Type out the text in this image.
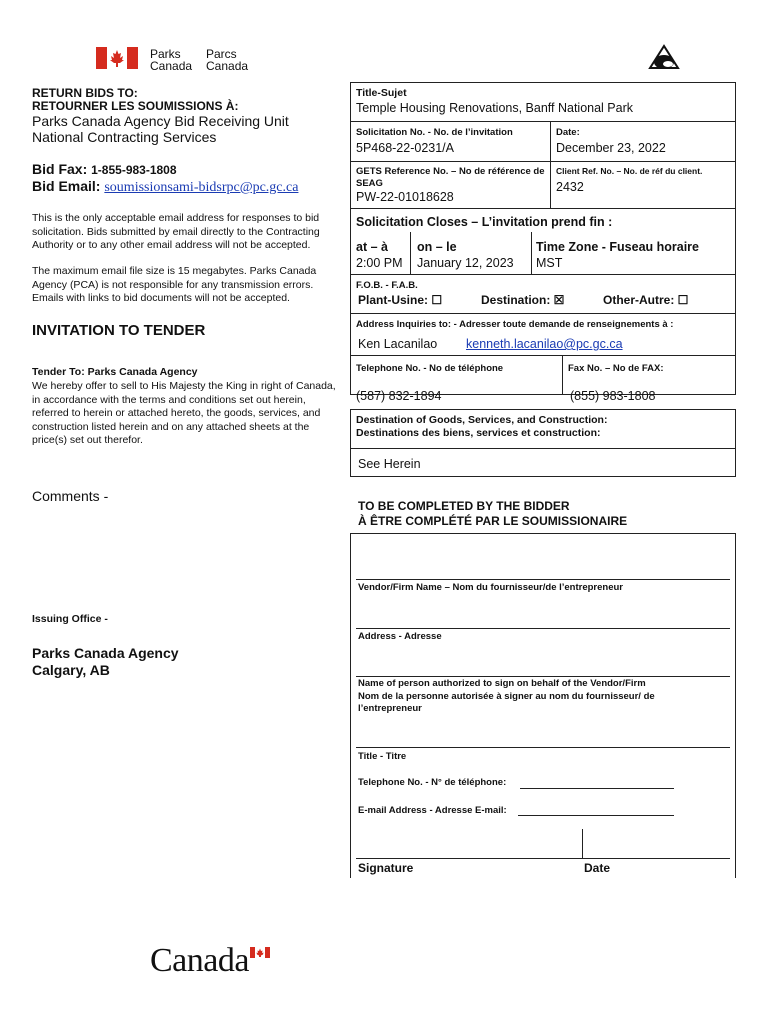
Parks
Canada
Parcs
Canada
RETURN BIDS TO:
RETOURNER LES SOUMISSIONS À:
Parks Canada Agency Bid Receiving Unit
National Contracting Services
Bid Fax: 1-855-983-1808
Bid Email: soumissionsami-bidsrpc@pc.gc.ca
This is the only acceptable email address for responses to bid solicitation. Bids submitted by email directly to the Contracting Authority or to any other email address will not be accepted.
The maximum email file size is 15 megabytes. Parks Canada Agency (PCA) is not responsible for any transmission errors. Emails with links to bid documents will not be accepted.
INVITATION TO TENDER
Tender To: Parks Canada Agency
We hereby offer to sell to His Majesty the King in right of Canada, in accordance with the terms and conditions set out herein, referred to herein or attached hereto, the goods, services, and construction listed herein and on any attached sheets at the price(s) set out therefor.
Comments -
Issuing Office -
Parks Canada Agency
Calgary, AB
Title-Sujet
Temple Housing Renovations, Banff National Park
Solicitation No. - No. de l’invitation
5P468-22-0231/A
Date:
December 23, 2022
GETS Reference No. – No de référence de SEAG
PW-22-01018628
Client Ref. No. – No. de réf du client.
2432
Solicitation Closes – L’invitation prend fin :
at – à
2:00 PM
on – le
January 12, 2023
Time Zone - Fuseau horaire
MST
F.O.B. - F.A.B.
Plant-Usine: ☐	Destination: ☒	Other-Autre: ☐
Address Inquiries to: - Adresser toute demande de renseignements à :
Ken Lacanilao kenneth.lacanilao@pc.gc.ca
Telephone No. - No de téléphone
(587) 832-1894
Fax No. – No de FAX:
(855) 983-1808
Destination of Goods, Services, and Construction:
Destinations des biens, services et construction:
See Herein
TO BE COMPLETED BY THE BIDDER
À ÊTRE COMPLÉTÉ PAR LE SOUMISSIONAIRE
Vendor/Firm Name – Nom du fournisseur/de l’entrepreneur
Address - Adresse
Name of person authorized to sign on behalf of the Vendor/Firm
Nom de la personne autorisée à signer au nom du fournisseur/ de l’entrepreneur
Title - Titre
Telephone No. - N° de téléphone:
E-mail Address - Adresse E-mail:
Signature	Date
Canada
